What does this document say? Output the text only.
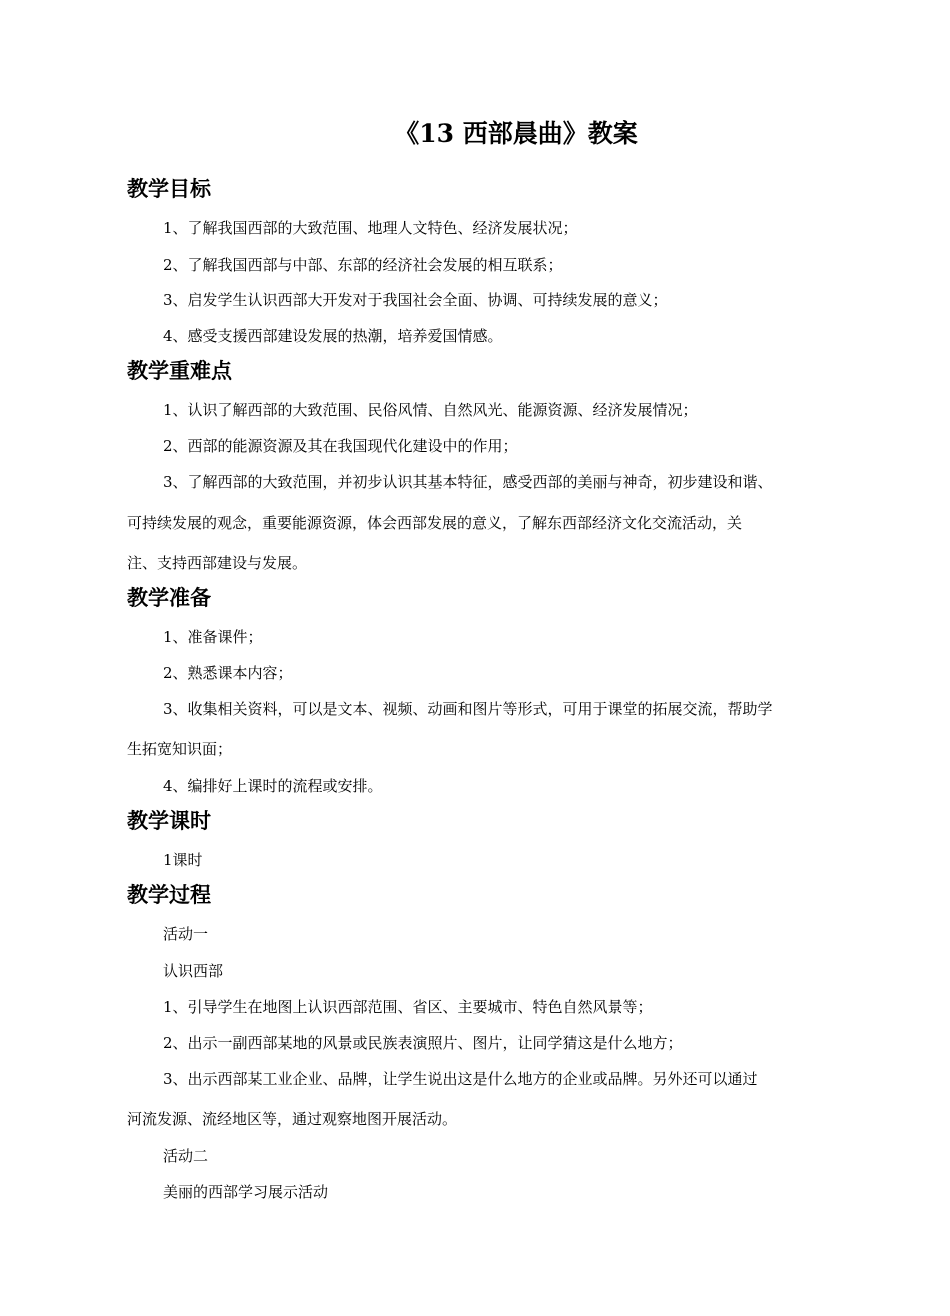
《13 西部晨曲》教案
教学目标
1、了解我国西部的大致范围、地理人文特色、经济发展状况；
2、了解我国西部与中部、东部的经济社会发展的相互联系；
3、启发学生认识西部大开发对于我国社会全面、协调、可持续发展的意义；
4、感受支援西部建设发展的热潮，培养爱国情感。
教学重难点
1、认识了解西部的大致范围、民俗风情、自然风光、能源资源、经济发展情况；
2、西部的能源资源及其在我国现代化建设中的作用；
3、了解西部的大致范围，并初步认识其基本特征，感受西部的美丽与神奇，初步建设和谐、
可持续发展的观念，重要能源资源，体会西部发展的意义，了解东西部经济文化交流活动，关
注、支持西部建设与发展。
教学准备
1、准备课件；
2、熟悉课本内容；
3、收集相关资料，可以是文本、视频、动画和图片等形式，可用于课堂的拓展交流，帮助学
生拓宽知识面；
4、编排好上课时的流程或安排。
教学课时
1课时
教学过程
活动一
认识西部
1、引导学生在地图上认识西部范围、省区、主要城市、特色自然风景等；
2、出示一副西部某地的风景或民族表演照片、图片，让同学猜这是什么地方；
3、出示西部某工业企业、品牌，让学生说出这是什么地方的企业或品牌。另外还可以通过
河流发源、流经地区等，通过观察地图开展活动。
活动二
美丽的西部学习展示活动
